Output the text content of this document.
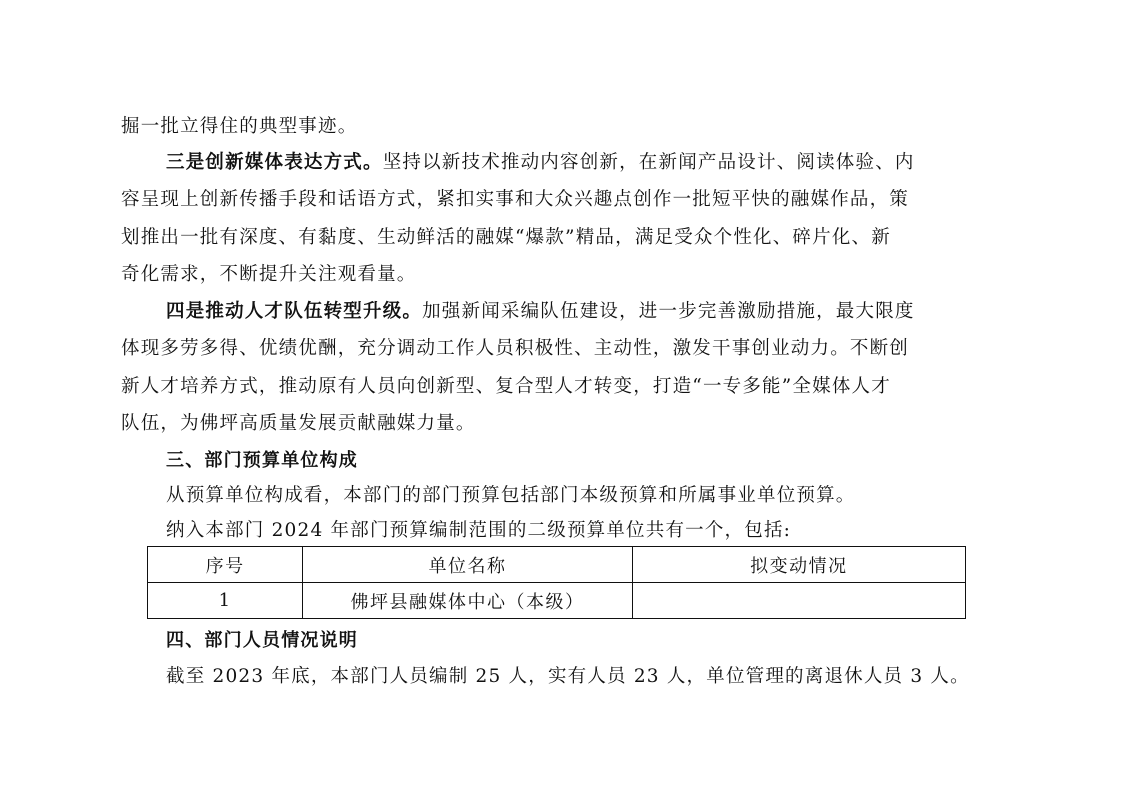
掘一批立得住的典型事迹。
三是创新媒体表达方式。坚持以新技术推动内容创新，在新闻产品设计、阅读体验、内
容呈现上创新传播手段和话语方式，紧扣实事和大众兴趣点创作一批短平快的融媒作品，策
划推出一批有深度、有黏度、生动鲜活的融媒“爆款”精品，满足受众个性化、碎片化、新
奇化需求，不断提升关注观看量。
四是推动人才队伍转型升级。加强新闻采编队伍建设，进一步完善激励措施，最大限度
体现多劳多得、优绩优酬，充分调动工作人员积极性、主动性，激发干事创业动力。不断创
新人才培养方式，推动原有人员向创新型、复合型人才转变，打造“一专多能”全媒体人才
队伍，为佛坪高质量发展贡献融媒力量。
三、部门预算单位构成
从预算单位构成看，本部门的部门预算包括部门本级预算和所属事业单位预算。
纳入本部门 2024 年部门预算编制范围的二级预算单位共有一个，包括:
序号	单位名称	拟变动情况
1	佛坪县融媒体中心（本级）	
四、部门人员情况说明
截至 2023 年底，本部门人员编制 25 人，实有人员 23 人，单位管理的离退休人员 3 人。
